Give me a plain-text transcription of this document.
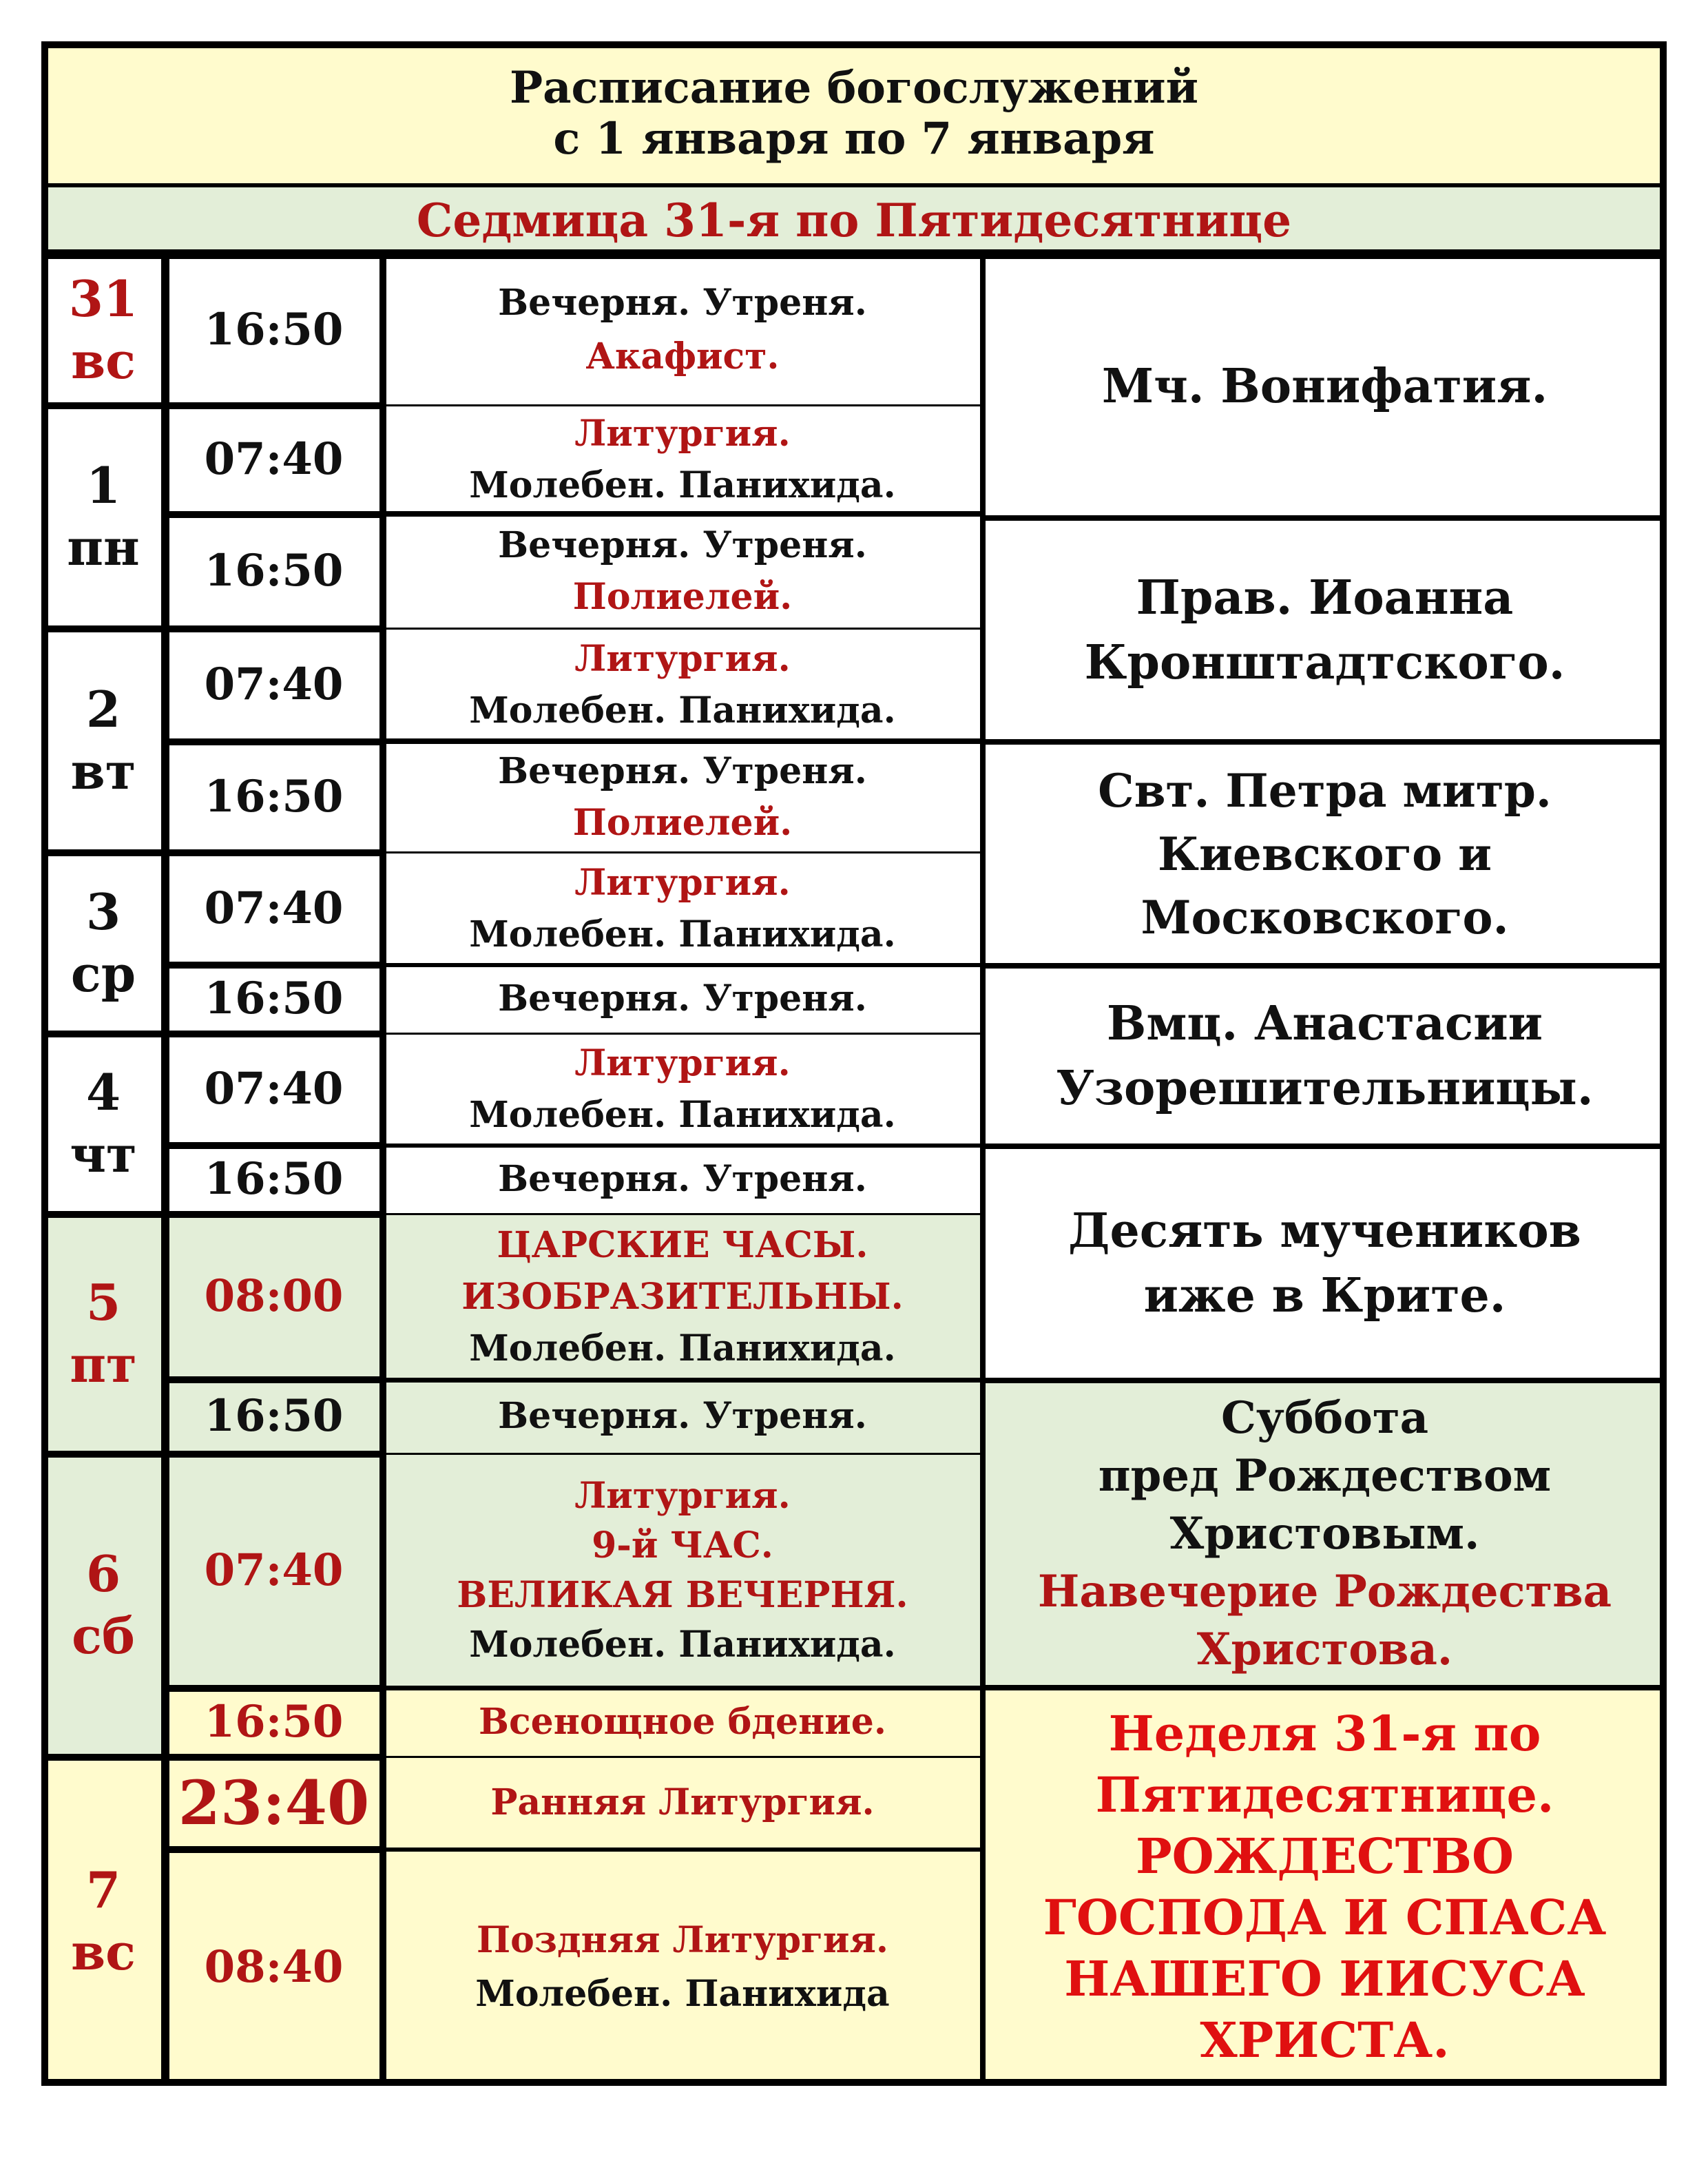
Расписание богослужений
с 1 января по 7 января
Седмица 31-я по Пятидесятнице
31
вс
1
пн
2
вт
3
ср
4
чт
5
пт
6
сб
7
вс
16:50
07:40
16:50
07:40
16:50
07:40
16:50
07:40
16:50
08:00
16:50
07:40
16:50
23:40
08:40
Вечерня. Утреня.
Акафист.
Литургия.
Молебен. Панихида.
Вечерня. Утреня.
Полиелей.
Литургия.
Молебен. Панихида.
Вечерня. Утреня.
Полиелей.
Литургия.
Молебен. Панихида.
Вечерня. Утреня.
Литургия.
Молебен. Панихида.
Вечерня. Утреня.
ЦАРСКИЕ ЧАСЫ.
ИЗОБРАЗИТЕЛЬНЫ.
Молебен. Панихида.
Вечерня. Утреня.
Литургия.
9-й ЧАС.
ВЕЛИКАЯ ВЕЧЕРНЯ.
Молебен. Панихида.
Всенощное бдение.
Ранняя Литургия.
Поздняя Литургия.
Молебен. Панихида
Мч. Вонифатия.
Прав. Иоанна
Кронштадтского.
Свт. Петра митр.
Киевского и
Московского.
Вмц. Анастасии
Узорешительницы.
Десять мучеников
иже в Крите.
Суббота
пред Рождеством
Христовым.
Навечерие Рождества
Христова.
Неделя 31-я по
Пятидесятнице.
РОЖДЕСТВО
ГОСПОДА И СПАСА
НАШЕГО ИИСУСА
ХРИСТА.
